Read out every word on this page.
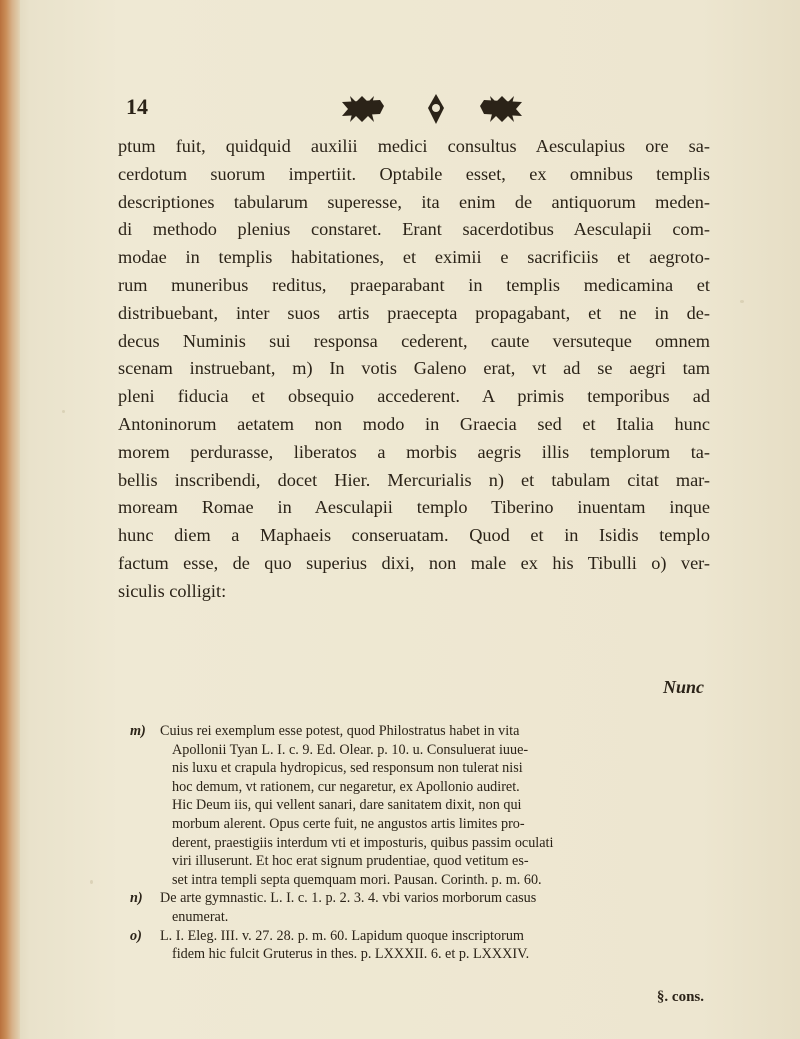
14
ptum fuit, quidquid auxilii medici consultus Aesculapius ore sa-
cerdotum suorum impertiit. Optabile esset, ex omnibus templis
descriptiones tabularum superesse, ita enim de antiquorum meden-
di methodo plenius constaret. Erant sacerdotibus Aesculapii com-
modae in templis habitationes, et eximii e sacrificiis et aegroto-
rum muneribus reditus, praeparabant in templis medicamina et
distribuebant, inter suos artis praecepta propagabant, et ne in de-
decus Numinis sui responsa cederent, caute versuteque omnem
scenam instruebant, m) In votis Galeno erat, vt ad se aegri tam
pleni fiducia et obsequio accederent. A primis temporibus ad
Antoninorum aetatem non modo in Graecia sed et Italia hunc
morem perdurasse, liberatos a morbis aegris illis templorum ta-
bellis inscribendi, docet Hier. Mercurialis n) et tabulam citat mar-
moream Romae in Aesculapii templo Tiberino inuentam inque
hunc diem a Maphaeis conseruatam. Quod et in Isidis templo
factum esse, de quo superius dixi, non male ex his Tibulli o) ver-
siculis colligit:
Nunc
m)	Cuius rei exemplum esse potest, quod Philostratus habet in vita
Apollonii Tyan L. I. c. 9. Ed. Olear. p. 10. u. Consuluerat iuue-
nis luxu et crapula hydropicus, sed responsum non tulerat nisi
hoc demum, vt rationem, cur negaretur, ex Apollonio audiret.
Hic Deum iis, qui vellent sanari, dare sanitatem dixit, non qui
morbum alerent. Opus certe fuit, ne angustos artis limites pro-
derent, praestigiis interdum vti et imposturis, quibus passim oculati
viri illuserunt. Et hoc erat signum prudentiae, quod vetitum es-
set intra templi septa quemquam mori. Pausan. Corinth. p. m. 60.
n)	De arte gymnastic. L. I. c. 1. p. 2. 3. 4. vbi varios morborum casus
enumerat.
o)	L. I. Eleg. III. v. 27. 28. p. m. 60. Lapidum quoque inscriptorum
fidem hic fulcit Gruterus in thes. p. LXXXII. 6. et p. LXXXIV.
§. cons.
